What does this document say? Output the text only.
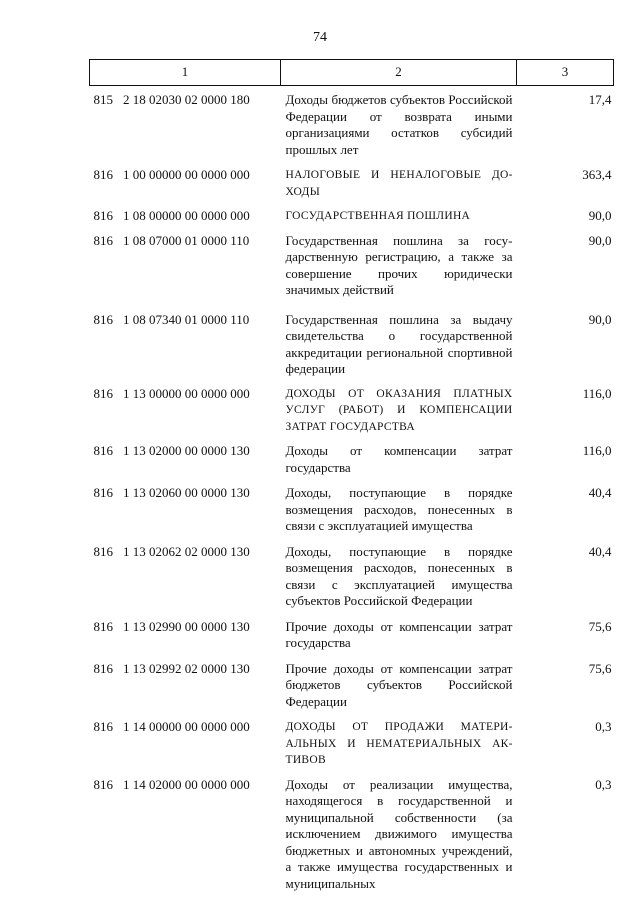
74
1	2	3
815 2 18 02030 02 0000 180	Доходы бюджетов субъектов Российской Федерации от возврата иными организациями остатков субсидий прошлых лет	17,4
816 1 00 00000 00 0000 000	НАЛОГОВЫЕ И НЕНАЛОГОВЫЕ ДОХОДЫ	363,4
816 1 08 00000 00 0000 000	ГОСУДАРСТВЕННАЯ ПОШЛИНА	90,0
816 1 08 07000 01 0000 110	Государственная пошлина за государственную регистрацию, а также за совершение прочих юридически значимых действий	90,0
816 1 08 07340 01 0000 110	Государственная пошлина за выдачу свидетельства о государственной аккредитации региональной спортивной федерации	90,0
816 1 13 00000 00 0000 000	ДОХОДЫ ОТ ОКАЗАНИЯ ПЛАТНЫХ УСЛУГ (РАБОТ) И КОМПЕНСАЦИИ ЗАТРАТ ГОСУДАРСТВА	116,0
816 1 13 02000 00 0000 130	Доходы от компенсации затрат государства	116,0
816 1 13 02060 00 0000 130	Доходы, поступающие в порядке возмещения расходов, понесенных в связи с эксплуатацией имущества	40,4
816 1 13 02062 02 0000 130	Доходы, поступающие в порядке возмещения расходов, понесенных в связи с эксплуатацией имущества субъектов Российской Федерации	40,4
816 1 13 02990 00 0000 130	Прочие доходы от компенсации затрат государства	75,6
816 1 13 02992 02 0000 130	Прочие доходы от компенсации затрат бюджетов субъектов Российской Федерации	75,6
816 1 14 00000 00 0000 000	ДОХОДЫ ОТ ПРОДАЖИ МАТЕРИАЛЬНЫХ И НЕМАТЕРИАЛЬНЫХ АКТИВОВ	0,3
816 1 14 02000 00 0000 000	Доходы от реализации имущества, находящегося в государственной и муниципальной собственности (за исключением движимого имущества бюджетных и автономных учреждений, а также имущества государственных и муниципальных	0,3
